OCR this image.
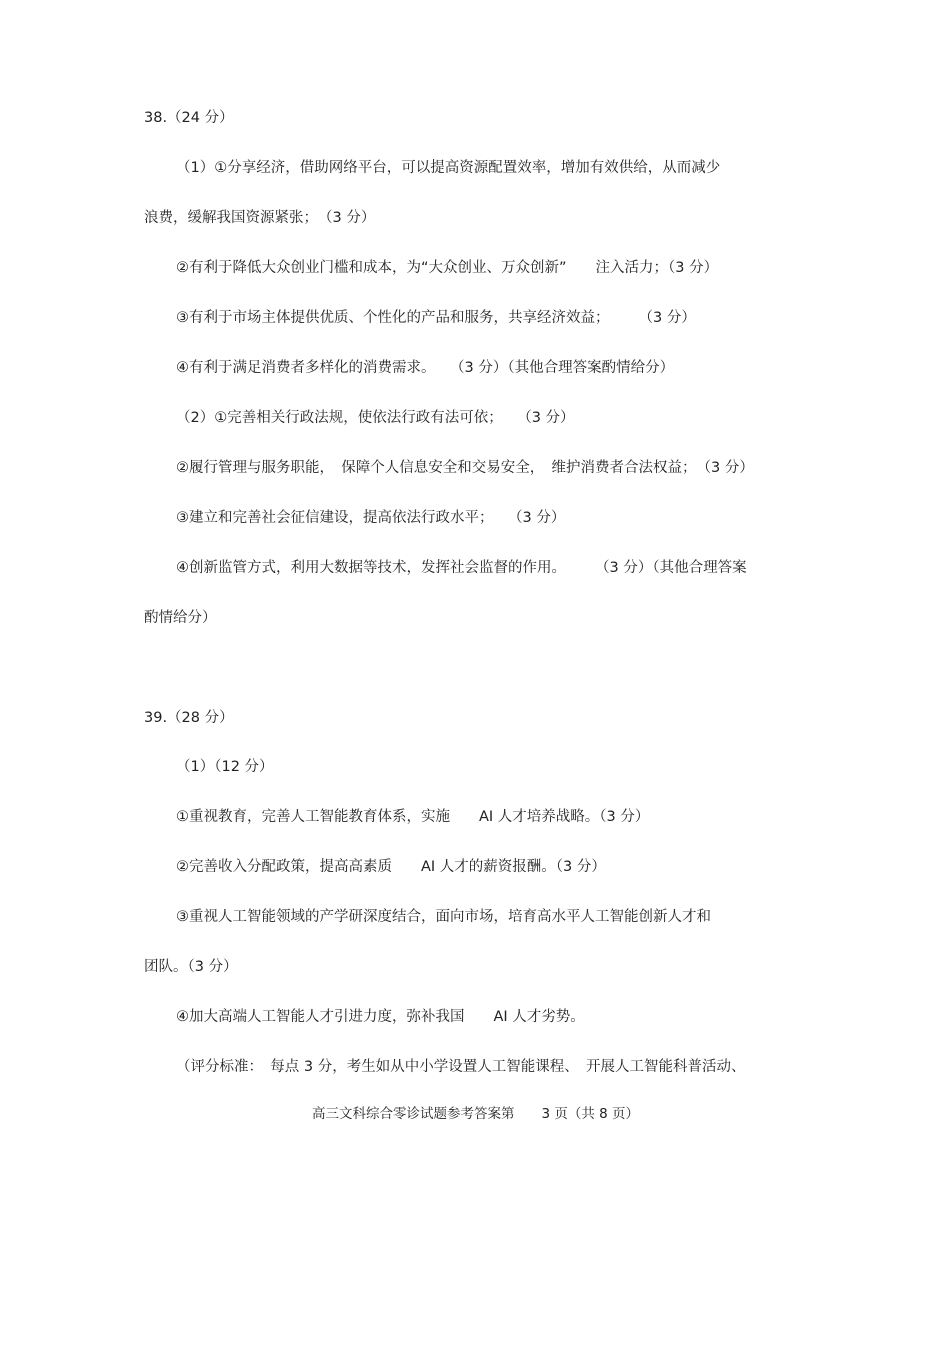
38.（24 分）
（1）①分享经济，借助网络平台，可以提高资源配置效率，增加有效供给，从而减少
浪费，缓解我国资源紧张；　（3 分）
②有利于降低大众创业门槛和成本，为“大众创业、万众创新”　　注入活力；（3 分）
③有利于市场主体提供优质、个性化的产品和服务，共享经济效益；　　　（3 分）
④有利于满足消费者多样化的消费需求。　　（3 分）（其他合理答案酌情给分）
（2）①完善相关行政法规，使依法行政有法可依；　　（3 分）
②履行管理与服务职能，　保障个人信息安全和交易安全，　维护消费者合法权益；　（3 分）
③建立和完善社会征信建设，提高依法行政水平；　　（3 分）
④创新监管方式，利用大数据等技术，发挥社会监督的作用。　　　（3 分）（其他合理答案
酌情给分）
39.（28 分）
（1）（12 分）
①重视教育，完善人工智能教育体系，实施　　AI 人才培养战略。（3 分）
②完善收入分配政策，提高高素质　　AI 人才的薪资报酬。（3 分）
③重视人工智能领域的产学研深度结合，面向市场，培育高水平人工智能创新人才和
团队。（3 分）
④加大高端人工智能人才引进力度，弥补我国　　AI 人才劣势。
（评分标准：　每点 3 分，考生如从中小学设置人工智能课程、　开展人工智能科普活动、
高三文科综合零诊试题参考答案第　　3 页（共 8 页）
